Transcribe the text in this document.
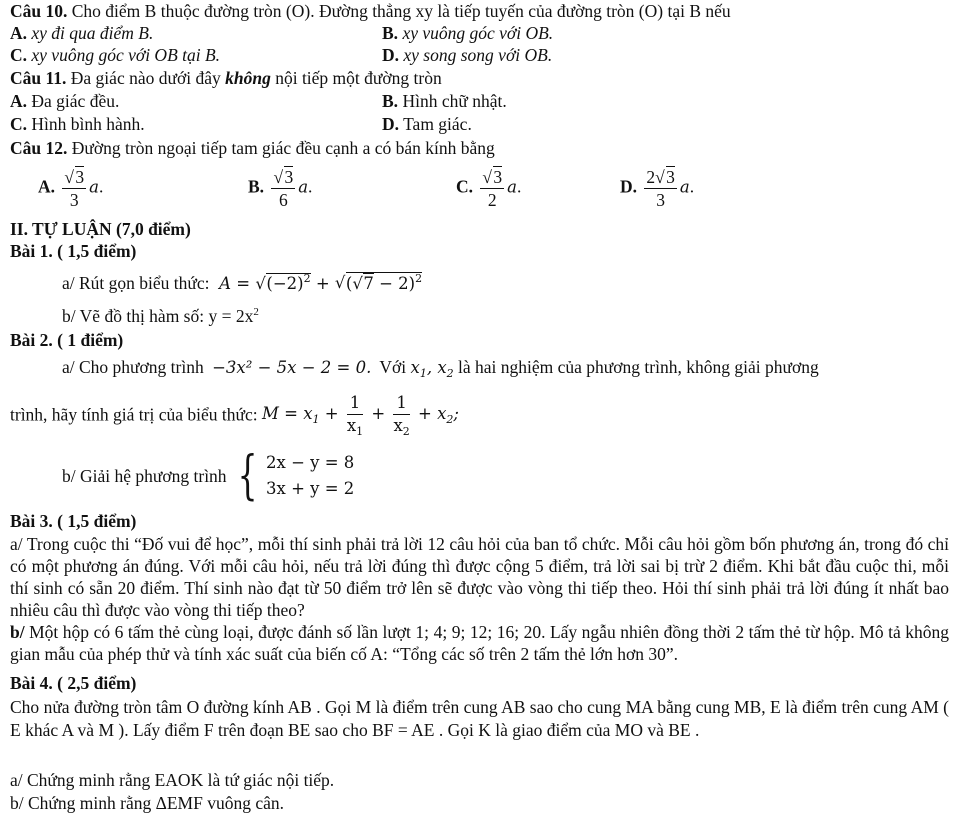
Câu 10. Cho điểm B thuộc đường tròn (O). Đường thẳng xy là tiếp tuyến của đường tròn (O) tại B nếu
A. xy đi qua điểm B.	B. xy vuông góc với OB.
C. xy vuông góc với OB tại B.	D. xy song song với OB.
Câu 11. Đa giác nào dưới đây không nội tiếp một đường tròn
A. Đa giác đều.	B. Hình chữ nhật.
C. Hình bình hành.	D. Tam giác.
Câu 12. Đường tròn ngoại tiếp tam giác đều cạnh a có bán kính bằng
A. √ $\frac{3}{3} a$.	B. √ $\frac{3}{6} a$.	C. √ $\frac{3}{2} a$.	D. $\frac{2 √ 3}{3} a$.
II. TỰ LUẬN (7,0 điểm)
Bài 1. ( 1,5 điểm)
a/ Rút gọn biểu thức:  A = √ $(-2)^2$ + √ ( √ 7 − 2)$^2$
b/ Vẽ đồ thị hàm số: $y = 2x^2$
Bài 2. ( 1 điểm)
a/ Cho phương trình −3x² − 5x − 2 = 0. Với $x_1$, $x_2$ là hai nghiệm của phương trình, không giải phương
trình, hãy tính giá trị của biểu thức: $M = x_1 + \frac{1}{x_1} + \frac{1}{x_2} + x_2$;
b/ Giải hệ phương trình { 2x − y = 8
3x + y = 2
Bài 3. ( 1,5 điểm)
a/ Trong cuộc thi “Đố vui để học”, mỗi thí sinh phải trả lời 12 câu hỏi của ban tổ chức. Mỗi câu hỏi gồm bốn phương án, trong đó chỉ có một phương án đúng. Với mỗi câu hỏi, nếu trả lời đúng thì được cộng 5 điểm, trả lời sai bị trừ 2 điểm. Khi bắt đầu cuộc thi, mỗi thí sinh có sẵn 20 điểm. Thí sinh nào đạt từ 50 điểm trở lên sẽ được vào vòng thi tiếp theo. Hỏi thí sinh phải trả lời đúng ít nhất bao nhiêu câu thì được vào vòng thi tiếp theo?
b/ Một hộp có 6 tấm thẻ cùng loại, được đánh số lần lượt 1; 4; 9; 12; 16; 20. Lấy ngẫu nhiên đồng thời 2 tấm thẻ từ hộp. Mô tả không gian mẫu của phép thử và tính xác suất của biến cố A: “Tổng các số trên 2 tấm thẻ lớn hơn 30”.
Bài 4. ( 2,5 điểm)
Cho nửa đường tròn tâm O đường kính AB . Gọi M là điểm trên cung AB sao cho cung MA bằng cung MB, E là điểm trên cung AM ( E khác A và M ). Lấy điểm F trên đoạn BE sao cho BF = AE . Gọi K là giao điểm của MO và BE .
a/ Chứng minh rằng EAOK là tứ giác nội tiếp.
b/ Chứng minh rằng ΔEMF vuông cân.
